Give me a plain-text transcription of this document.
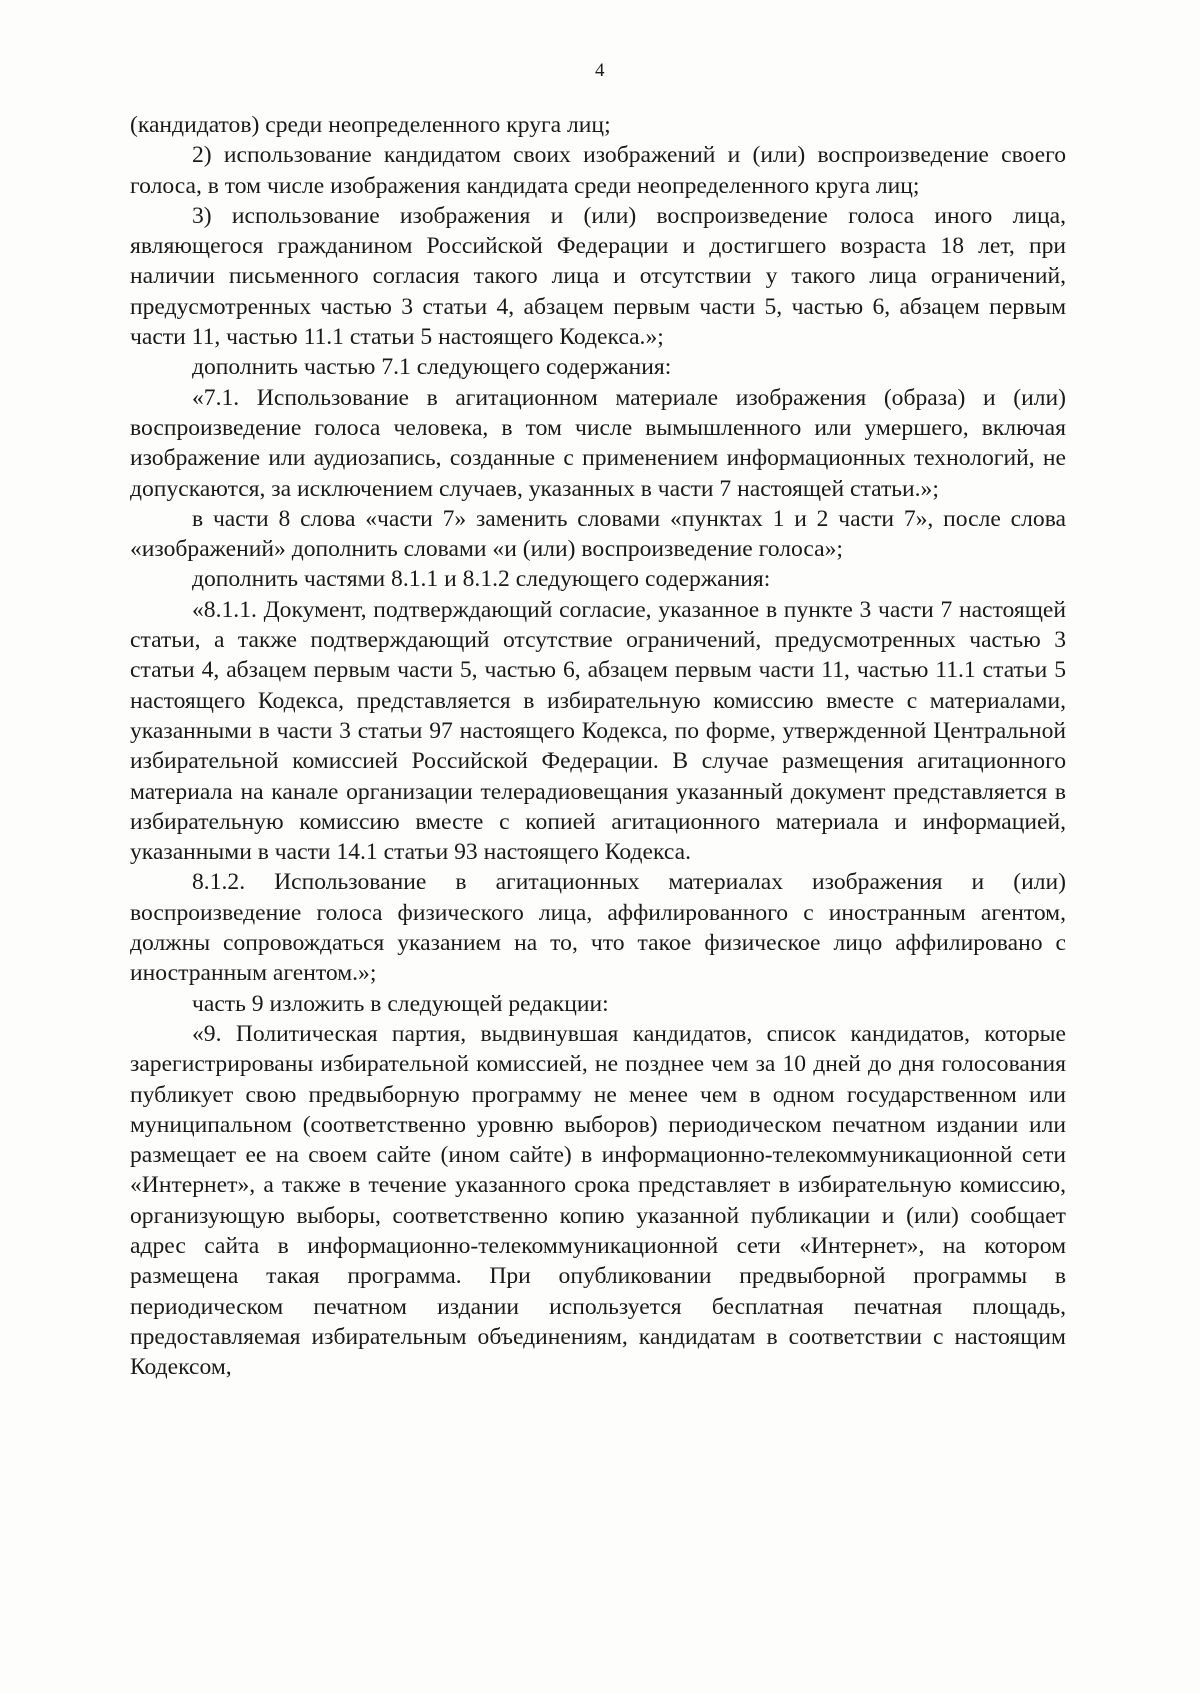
4

(кандидатов) среди неопределенного круга лиц;

2) использование кандидатом своих изображений и (или) воспроизведение своего голоса, в том числе изображения кандидата среди неопределенного круга лиц;

3) использование изображения и (или) воспроизведение голоса иного лица, являющегося гражданином Российской Федерации и достигшего возраста 18 лет, при наличии письменного согласия такого лица и отсутствии у такого лица ограничений, предусмотренных частью 3 статьи 4, абзацем первым части 5, частью 6, абзацем первым части 11, частью 11.1 статьи 5 настоящего Кодекса.»;

дополнить частью 7.1 следующего содержания:

«7.1. Использование в агитационном материале изображения (образа) и (или) воспроизведение голоса человека, в том числе вымышленного или умершего, включая изображение или аудиозапись, созданные с применением информационных технологий, не допускаются, за исключением случаев, указанных в части 7 настоящей статьи.»;

в части 8 слова «части 7» заменить словами «пунктах 1 и 2 части 7», после слова «изображений» дополнить словами «и (или) воспроизведение голоса»;

дополнить частями 8.1.1 и 8.1.2 следующего содержания:

«8.1.1. Документ, подтверждающий согласие, указанное в пункте 3 части 7 настоящей статьи, а также подтверждающий отсутствие ограничений, предусмотренных частью 3 статьи 4, абзацем первым части 5, частью 6, абзацем первым части 11, частью 11.1 статьи 5 настоящего Кодекса, представляется в избирательную комиссию вместе с материалами, указанными в части 3 статьи 97 настоящего Кодекса, по форме, утвержденной Центральной избирательной комиссией Российской Федерации. В случае размещения агитационного материала на канале организации телерадиовещания указанный документ представляется в избирательную комиссию вместе с копией агитационного материала и информацией, указанными в части 14.1 статьи 93 настоящего Кодекса.

8.1.2. Использование в агитационных материалах изображения и (или) воспроизведение голоса физического лица, аффилированного с иностранным агентом, должны сопровождаться указанием на то, что такое физическое лицо аффилировано с иностранным агентом.»;

часть 9 изложить в следующей редакции:

«9. Политическая партия, выдвинувшая кандидатов, список кандидатов, которые зарегистрированы избирательной комиссией, не позднее чем за 10 дней до дня голосования публикует свою предвыборную программу не менее чем в одном государственном или муниципальном (соответственно уровню выборов) периодическом печатном издании или размещает ее на своем сайте (ином сайте) в информационно-телекоммуникационной сети «Интернет», а также в течение указанного срока представляет в избирательную комиссию, организующую выборы, соответственно копию указанной публикации и (или) сообщает адрес сайта в информационно-телекоммуникационной сети «Интернет», на котором размещена такая программа. При опубликовании предвыборной программы в периодическом печатном издании используется бесплатная печатная площадь, предоставляемая избирательным объединениям, кандидатам в соответствии с настоящим Кодексом,
